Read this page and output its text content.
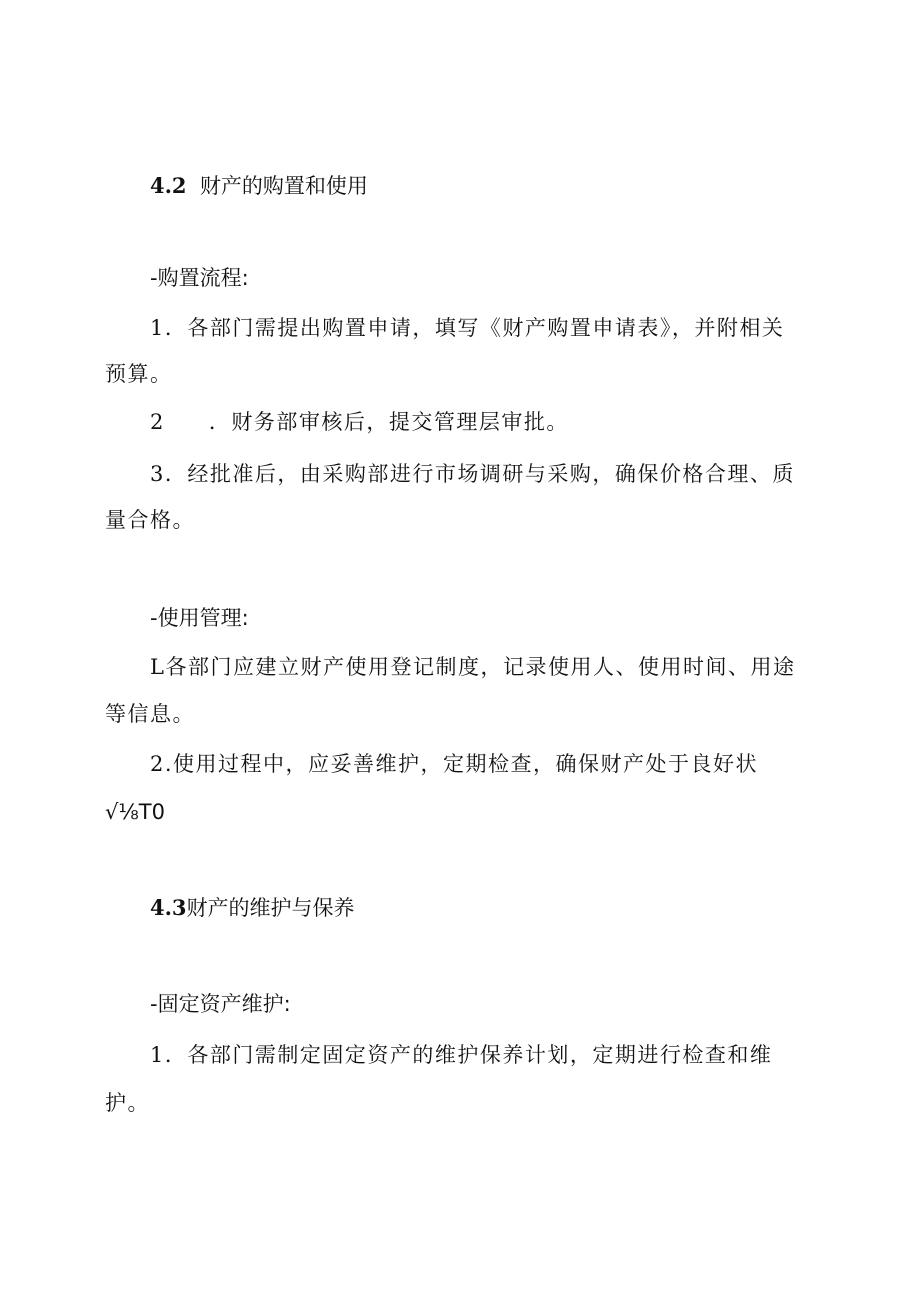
4.2 财产的购置和使用
-购置流程:
1．各部门需提出购置申请，填写《财产购置申请表》，并附相关
预算。
2 ．财务部审核后，提交管理层审批。
3．经批准后，由采购部进行市场调研与采购，确保价格合理、质
量合格。
-使用管理:
L各部门应建立财产使用登记制度，记录使用人、使用时间、用途
等信息。
2.使用过程中，应妥善维护，定期检查，确保财产处于良好状
√⅛T0
4.3财产的维护与保养
-固定资产维护:
1．各部门需制定固定资产的维护保养计划，定期进行检查和维
护。
